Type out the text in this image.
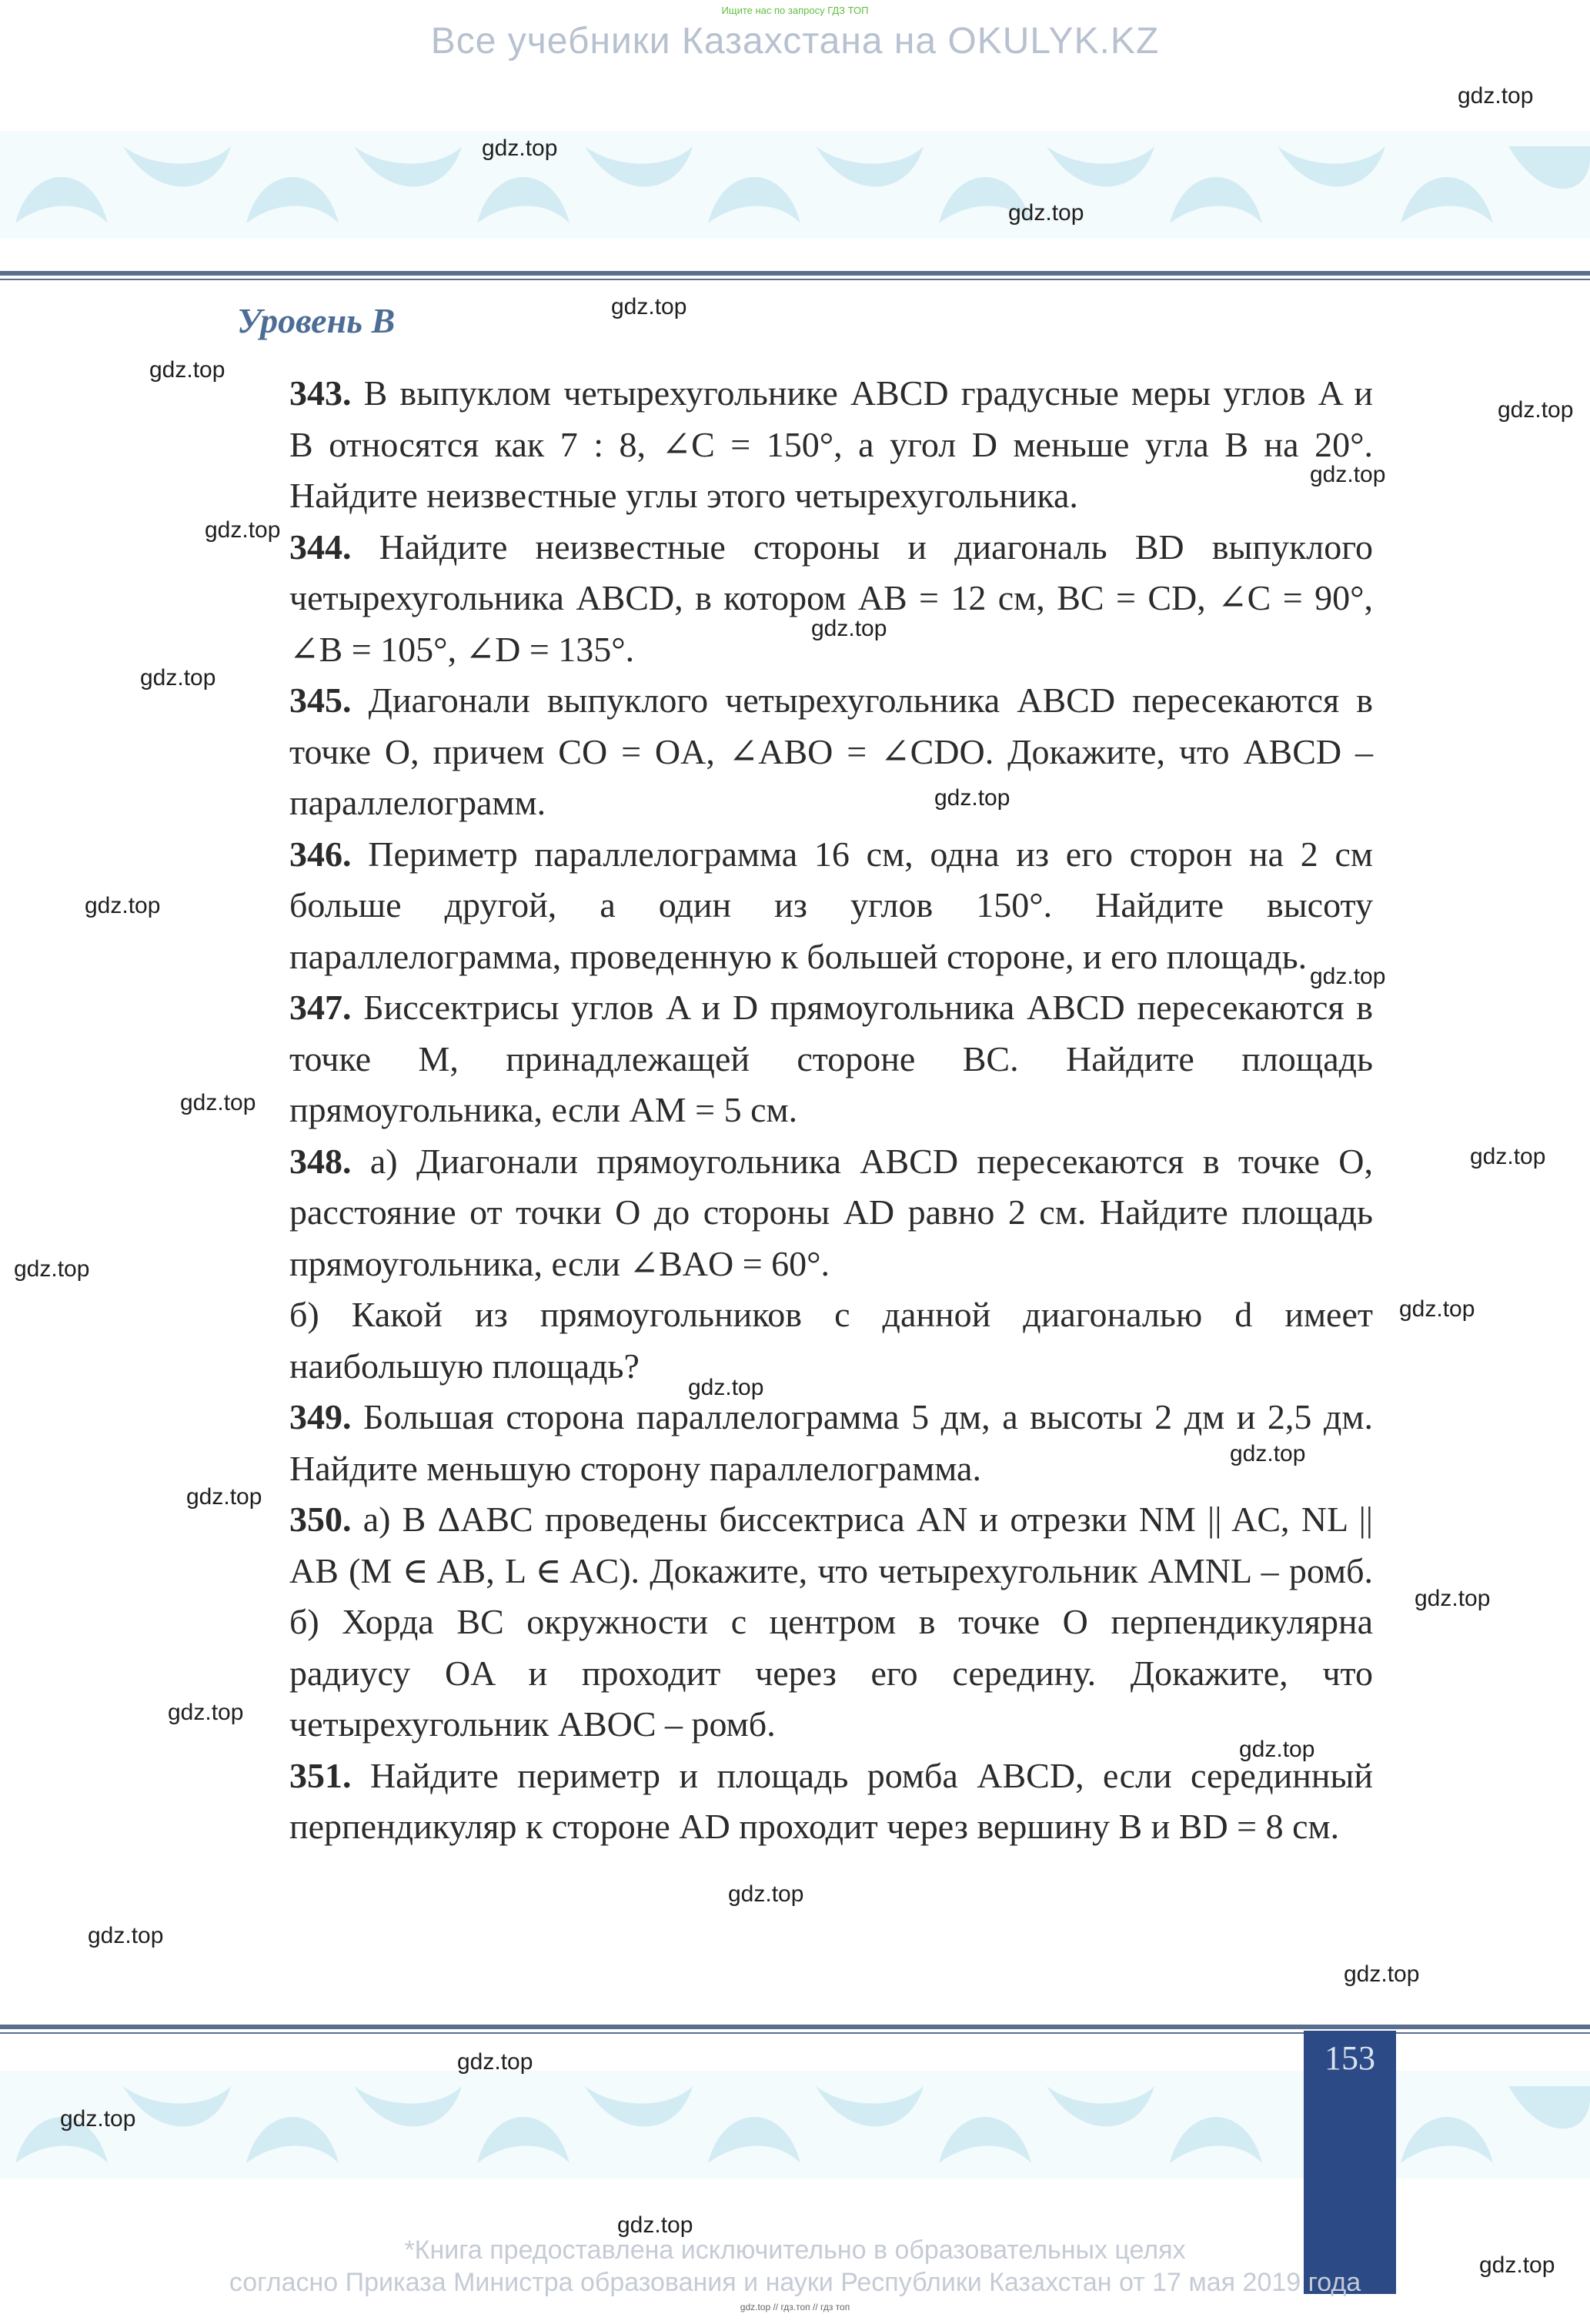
Ищите нас по запросу ГДЗ ТОП
Все учебники Казахстана на OKULYK.KZ
Уровень B

343. В выпуклом четырехугольнике ABCD градусные меры углов A и B относятся как 7 : 8, ∠C = 150°, а угол D меньше угла B на 20°. Найдите неизвестные углы этого четырехугольника.

344. Найдите неизвестные стороны и диагональ BD выпуклого четырехугольника ABCD, в котором AB = 12 см, BC = CD, ∠C = 90°, ∠B = 105°, ∠D = 135°.

345. Диагонали выпуклого четырехугольника ABCD пересекаются в точке O, причем CO = OA, ∠ABO = ∠CDO. Докажите, что ABCD – параллелограмм.

346. Периметр параллелограмма 16 см, одна из его сторон на 2 см больше другой, а один из углов 150°. Найдите высоту параллелограмма, проведенную к большей стороне, и его площадь.

347. Биссектрисы углов A и D прямоугольника ABCD пересекаются в точке M, принадлежащей стороне BC. Найдите площадь прямоугольника, если AM = 5 см.

348. а) Диагонали прямоугольника ABCD пересекаются в точке O, расстояние от точки O до стороны AD равно 2 см. Найдите площадь прямоугольника, если ∠BAO = 60°.

б) Какой из прямоугольников с данной диагональю d имеет наибольшую площадь?

349. Большая сторона параллелограмма 5 дм, а высоты 2 дм и 2,5 дм. Найдите меньшую сторону параллелограмма.

350. а) В ΔABC проведены биссектриса AN и отрезки NM || AC, NL || AB (M ∈ AB, L ∈ AC). Докажите, что четырехугольник AMNL – ромб. б) Хорда BC окружности с центром в точке O перпендикулярна радиусу OA и проходит через его середину. Докажите, что четырехугольник ABOC – ромб.

351. Найдите периметр и площадь ромба ABCD, если серединный перпендикуляр к стороне AD проходит через вершину B и BD = 8 см.

153
*Книга предоставлена исключительно в образовательных целях
согласно Приказа Министра образования и науки Республики Казахстан от 17 мая 2019 года
gdz.top // гдз.топ // гдз топ
gdz.top
gdz.top
gdz.top
gdz.top
gdz.top
gdz.top
gdz.top
gdz.top
gdz.top
gdz.top
gdz.top
gdz.top
gdz.top
gdz.top
gdz.top
gdz.top
gdz.top
gdz.top
gdz.top
gdz.top
gdz.top
gdz.top
gdz.top
gdz.top
gdz.top
gdz.top
gdz.top
gdz.top
gdz.top
gdz.top
